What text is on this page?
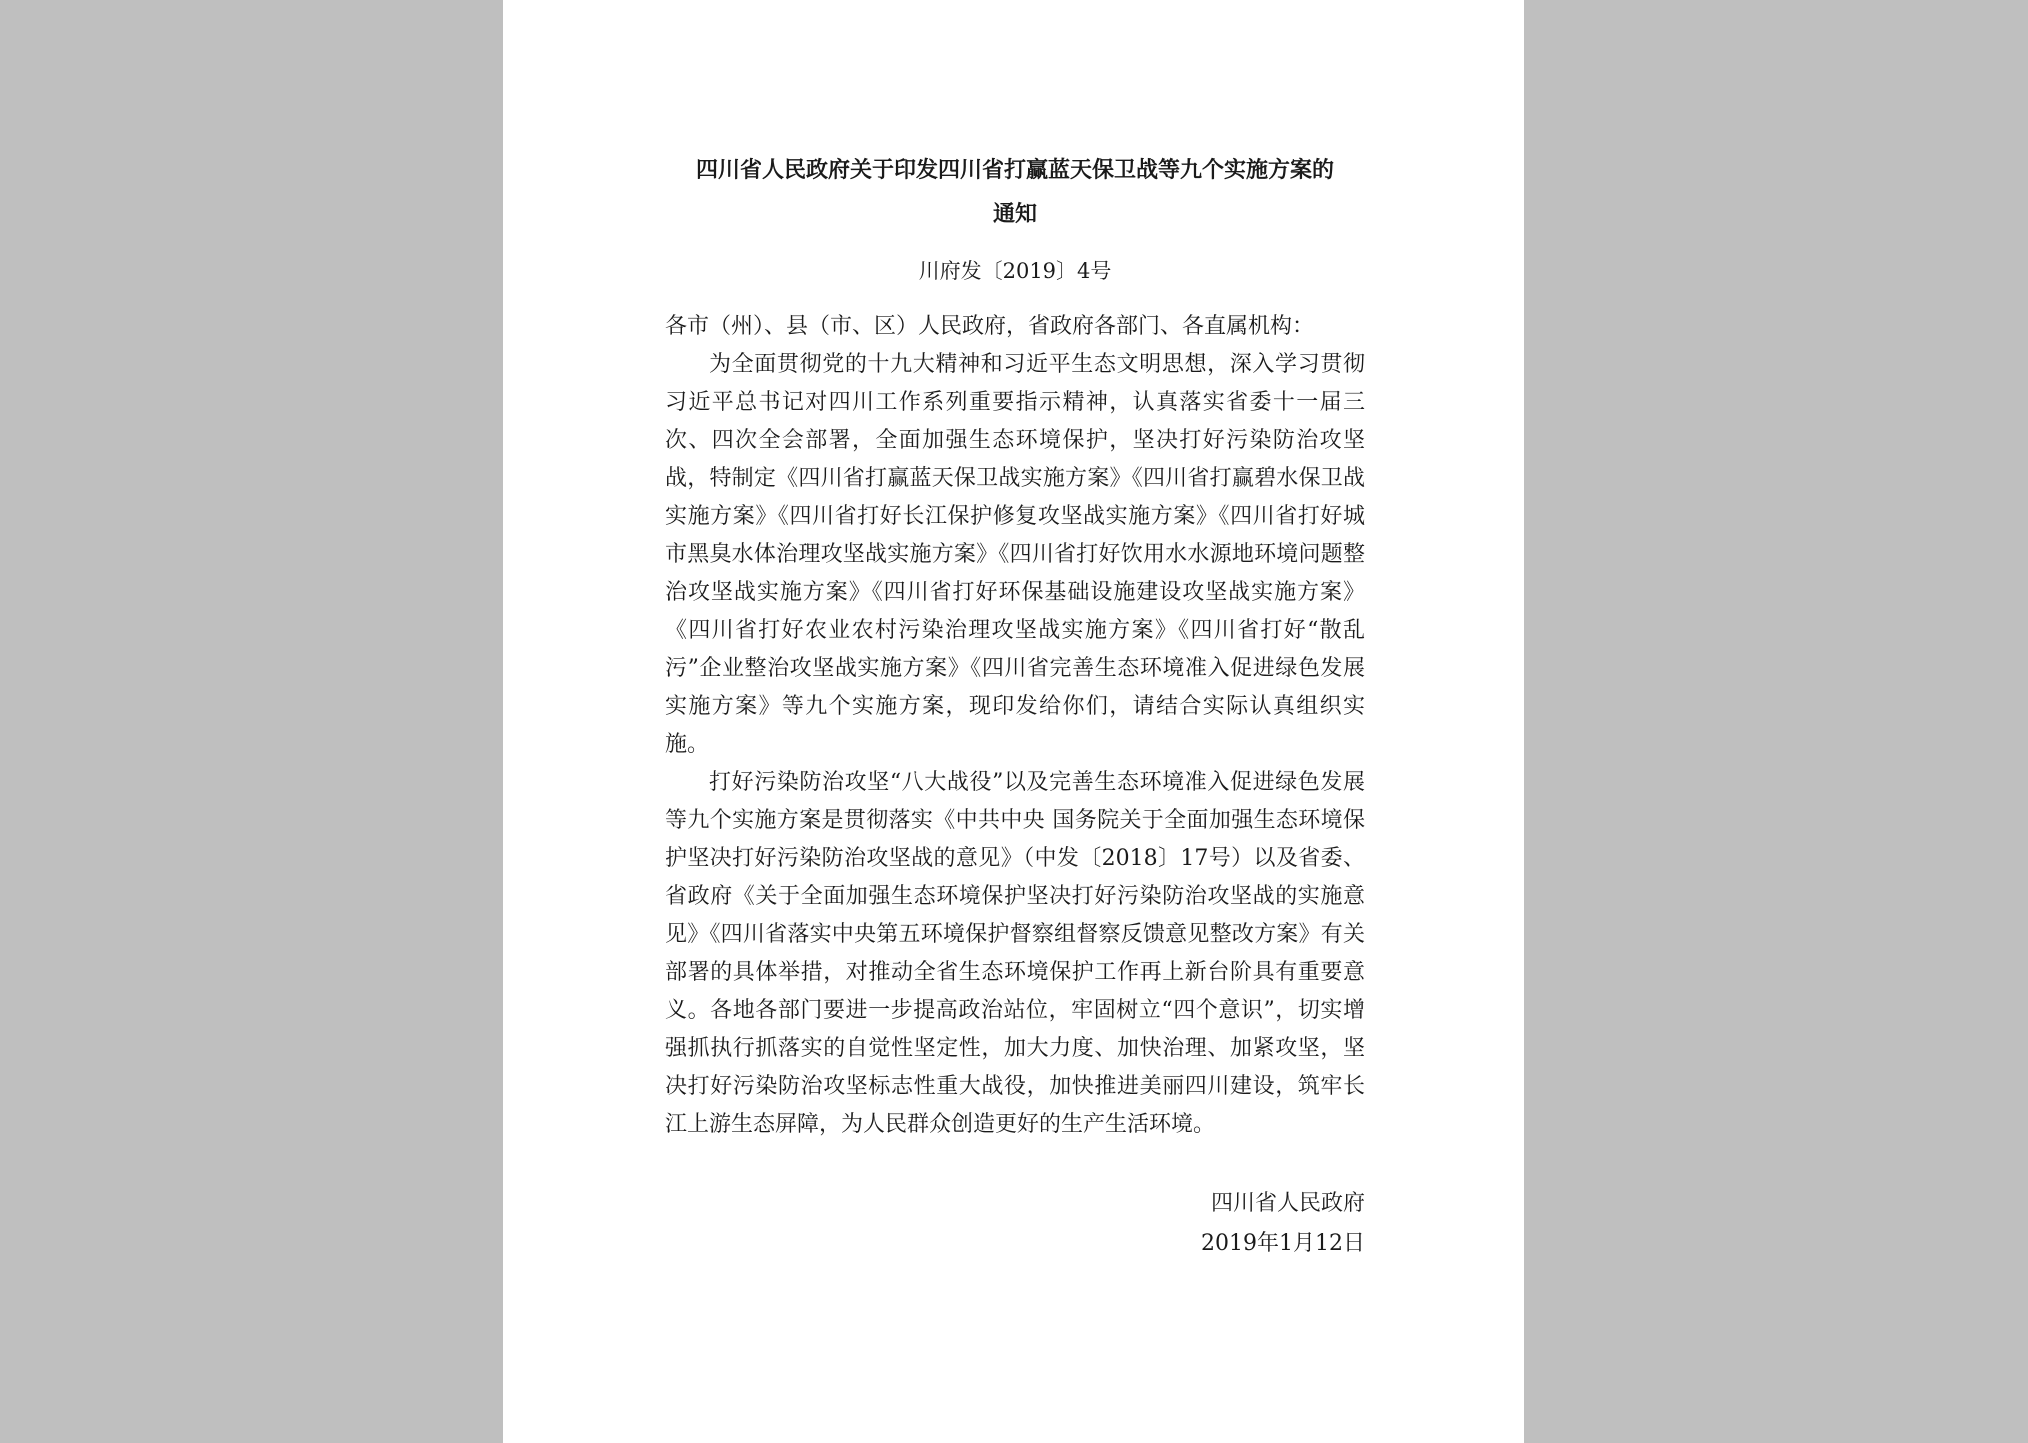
四川省人民政府关于印发四川省打赢蓝天保卫战等九个实施方案的
通知
川府发〔2019〕4号
各市（州）、县（市、区）人民政府，省政府各部门、各直属机构：

为全面贯彻党的十九大精神和习近平生态文明思想，深入学习贯彻习近平总书记对四川工作系列重要指示精神，认真落实省委十一届三次、四次全会部署，全面加强生态环境保护，坚决打好污染防治攻坚战，特制定《四川省打赢蓝天保卫战实施方案》《四川省打赢碧水保卫战实施方案》《四川省打好长江保护修复攻坚战实施方案》《四川省打好城市黑臭水体治理攻坚战实施方案》《四川省打好饮用水水源地环境问题整治攻坚战实施方案》《四川省打好环保基础设施建设攻坚战实施方案》《四川省打好农业农村污染治理攻坚战实施方案》《四川省打好“散乱污”企业整治攻坚战实施方案》《四川省完善生态环境准入促进绿色发展实施方案》等九个实施方案，现印发给你们，请结合实际认真组织实施。

打好污染防治攻坚“八大战役”以及完善生态环境准入促进绿色发展等九个实施方案是贯彻落实《中共中央 国务院关于全面加强生态环境保护坚决打好污染防治攻坚战的意见》（中发〔2018〕17号）以及省委、省政府《关于全面加强生态环境保护坚决打好污染防治攻坚战的实施意见》《四川省落实中央第五环境保护督察组督察反馈意见整改方案》有关部署的具体举措，对推动全省生态环境保护工作再上新台阶具有重要意义。各地各部门要进一步提高政治站位，牢固树立“四个意识”，切实增强抓执行抓落实的自觉性坚定性，加大力度、加快治理、加紧攻坚，坚决打好污染防治攻坚标志性重大战役，加快推进美丽四川建设，筑牢长江上游生态屏障，为人民群众创造更好的生产生活环境。

四川省人民政府
2019年1月12日
